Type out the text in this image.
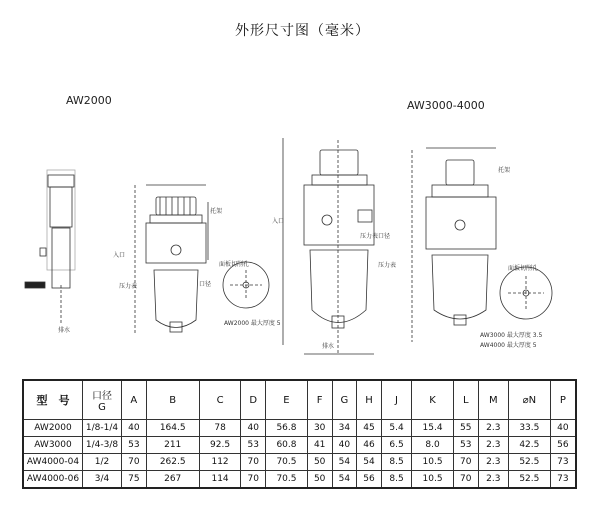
外形尺寸图（毫米）
AW2000	AW3000-4000
托架
入口
压力表	口径
面板切削孔
AW2000 最大厚度 5
入口
托架
压力表口径
压力表	面板切削孔
AW3000 最大厚度 3.5
AW4000 最大厚度 5
排水
排水
型　号	口径
G	A	B	C	D	E	F	G	H	J	K	L	M	⌀N	P
AW2000	1/8-1/4	40	164.5	78	40	56.8	30	34	45	5.4	15.4	55	2.3	33.5	40
AW3000	1/4-3/8	53	211	92.5	53	60.8	41	40	46	6.5	8.0	53	2.3	42.5	56
AW4000-04	1/2	70	262.5	112	70	70.5	50	54	54	8.5	10.5	70	2.3	52.5	73
AW4000-06	3/4	75	267	114	70	70.5	50	54	56	8.5	10.5	70	2.3	52.5	73
